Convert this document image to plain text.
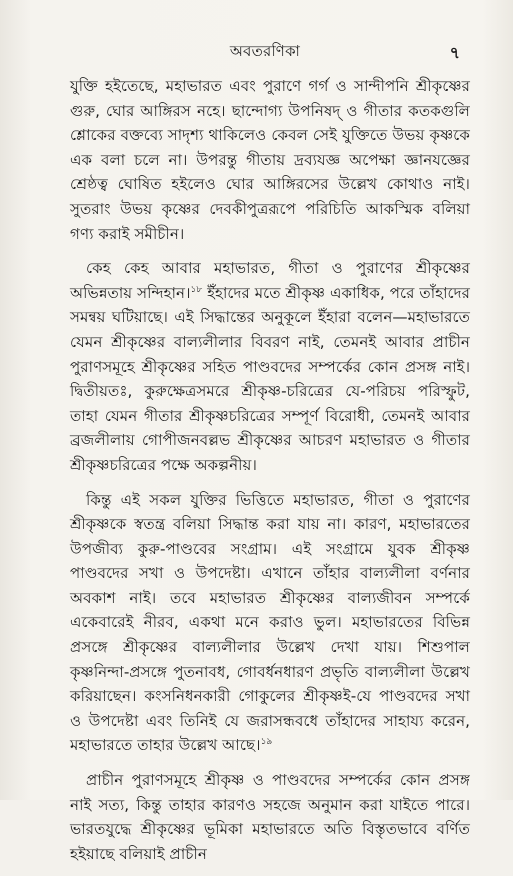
অবতরণিকা	৭

যুক্তি হইতেছে, মহাভারত এবং পুরাণে গর্গ ও সান্দীপনি শ্রীকৃষ্ণের গুরু, ঘোর আঙ্গিরস নহে। ছান্দোগ্য উপনিষদ্ ও গীতার কতকগুলি শ্লোকের বক্তব্যে সাদৃশ্য থাকিলেও কেবল সেই যুক্তিতে উভয় কৃষ্ণকে এক বলা চলে না। উপরন্তু গীতায় দ্রব্যযজ্ঞ অপেক্ষা জ্ঞানযজ্ঞের শ্রেষ্ঠত্ব ঘোষিত হইলেও ঘোর আঙ্গিরসের উল্লেখ কোথাও নাই। সুতরাং উভয় কৃষ্ণের দেবকীপুত্ররূপে পরিচিতি আকস্মিক বলিয়া গণ্য করাই সমীচীন।

কেহ কেহ আবার মহাভারত, গীতা ও পুরাণের শ্রীকৃষ্ণের অভিন্নতায় সন্দিহান।$^{১৮}$ ইঁহাদের মতে শ্রীকৃষ্ণ একাধিক, পরে তাঁহাদের সমন্বয় ঘটিয়াছে। এই সিদ্ধান্তের অনুকূলে ইঁহারা বলেন—মহাভারতে যেমন শ্রীকৃষ্ণের বাল্যলীলার বিবরণ নাই, তেমনই আবার প্রাচীন পুরাণসমূহে শ্রীকৃষ্ণের সহিত পাণ্ডবদের সম্পর্কের কোন প্রসঙ্গ নাই। দ্বিতীয়তঃ, কুরুক্ষেত্রসমরে শ্রীকৃষ্ণ-চরিত্রের যে-পরিচয় পরিস্ফুট, তাহা যেমন গীতার শ্রীকৃষ্ণচরিত্রের সম্পূর্ণ বিরোধী, তেমনই আবার ব্রজলীলায় গোপীজনবল্লভ শ্রীকৃষ্ণের আচরণ মহাভারত ও গীতার শ্রীকৃষ্ণচরিত্রের পক্ষে অকল্পনীয়।

কিন্তু এই সকল যুক্তির ভিত্তিতে মহাভারত, গীতা ও পুরাণের শ্রীকৃষ্ণকে স্বতন্ত্র বলিয়া সিদ্ধান্ত করা যায় না। কারণ, মহাভারতের উপজীব্য কুরু-পাণ্ডবের সংগ্রাম। এই সংগ্রামে যুবক শ্রীকৃষ্ণ পাণ্ডবদের সখা ও উপদেষ্টা। এখানে তাঁহার বাল্যলীলা বর্ণনার অবকাশ নাই। তবে মহাভারত শ্রীকৃষ্ণের বাল্যজীবন সম্পর্কে একেবারেই নীরব, একথা মনে করাও ভুল। মহাভারতের বিভিন্ন প্রসঙ্গে শ্রীকৃষ্ণের বাল্যলীলার উল্লেখ দেখা যায়। শিশুপাল কৃষ্ণনিন্দা-প্রসঙ্গে পুতনাবধ, গোবর্ধনধারণ প্রভৃতি বাল্যলীলা উল্লেখ করিয়াছেন। কংসনিধনকারী গোকুলের শ্রীকৃষ্ণই-যে পাণ্ডবদের সখা ও উপদেষ্টা এবং তিনিই যে জরাসন্ধবধে তাঁহাদের সাহায্য করেন, মহাভারতে তাহার উল্লেখ আছে।$^{১৯}$

প্রাচীন পুরাণসমূহে শ্রীকৃষ্ণ ও পাণ্ডবদের সম্পর্কের কোন প্রসঙ্গ নাই সত্য, কিন্তু তাহার কারণও সহজে অনুমান করা যাইতে পারে। ভারতযুদ্ধে শ্রীকৃষ্ণের ভূমিকা মহাভারতে অতি বিস্তৃতভাবে বর্ণিত হইয়াছে বলিয়াই প্রাচীন
